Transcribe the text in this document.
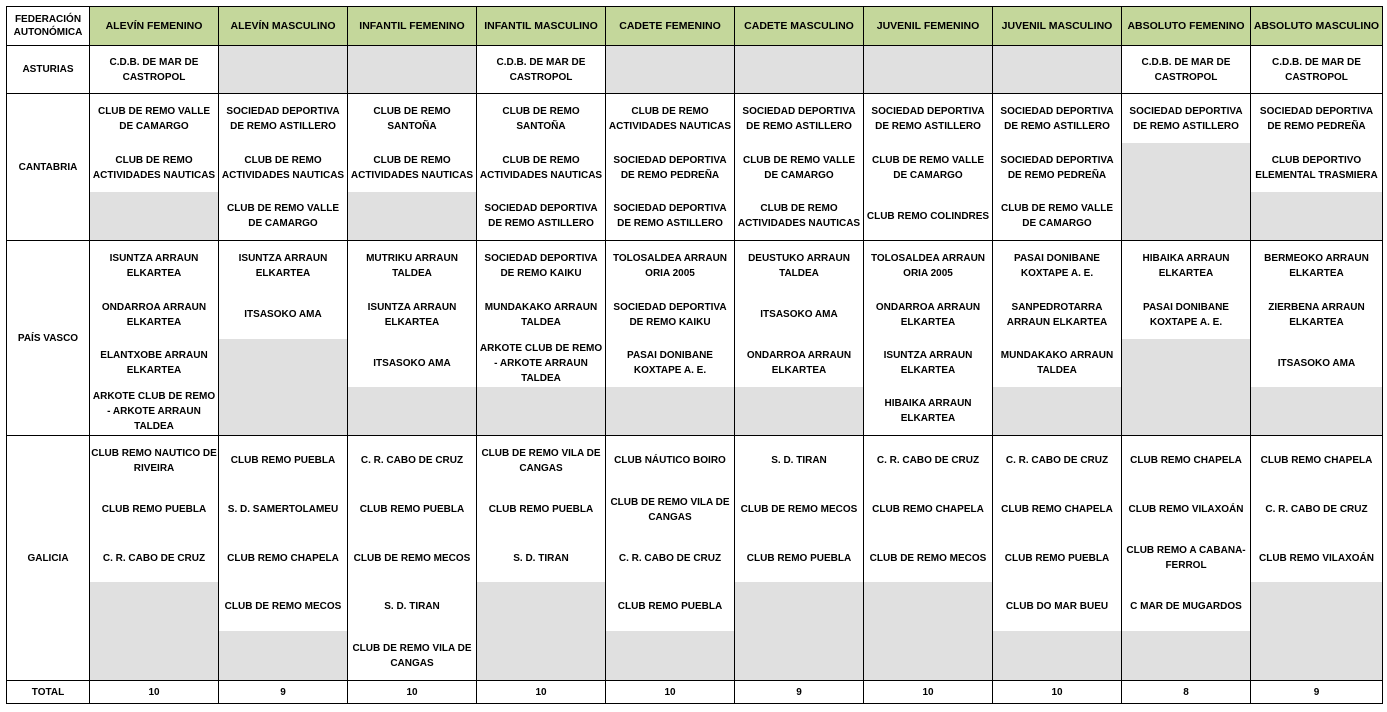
FEDERACIÓN AUTONÓMICA	ALEVÍN FEMENINO	ALEVÍN MASCULINO	INFANTIL FEMENINO	INFANTIL MASCULINO	CADETE FEMENINO	CADETE MASCULINO	JUVENIL FEMENINO	JUVENIL MASCULINO	ABSOLUTO FEMENINO	ABSOLUTO MASCULINO
ASTURIAS	C.D.B. DE MAR DE CASTROPOL			C.D.B. DE MAR DE CASTROPOL					C.D.B. DE MAR DE CASTROPOL	C.D.B. DE MAR DE CASTROPOL
CANTABRIA	CLUB DE REMO VALLE DE CAMARGO	SOCIEDAD DEPORTIVA DE REMO ASTILLERO	CLUB DE REMO SANTOÑA	CLUB DE REMO SANTOÑA	CLUB DE REMO ACTIVIDADES NAUTICAS	SOCIEDAD DEPORTIVA DE REMO ASTILLERO	SOCIEDAD DEPORTIVA DE REMO ASTILLERO	SOCIEDAD DEPORTIVA DE REMO ASTILLERO	SOCIEDAD DEPORTIVA DE REMO ASTILLERO	SOCIEDAD DEPORTIVA DE REMO PEDREÑA
	CLUB DE REMO ACTIVIDADES NAUTICAS	CLUB DE REMO ACTIVIDADES NAUTICAS	CLUB DE REMO ACTIVIDADES NAUTICAS	CLUB DE REMO ACTIVIDADES NAUTICAS	SOCIEDAD DEPORTIVA DE REMO PEDREÑA	CLUB DE REMO VALLE DE CAMARGO	CLUB DE REMO VALLE DE CAMARGO	SOCIEDAD DEPORTIVA DE REMO PEDREÑA		CLUB DEPORTIVO ELEMENTAL TRASMIERA
		CLUB DE REMO VALLE DE CAMARGO		SOCIEDAD DEPORTIVA DE REMO ASTILLERO	SOCIEDAD DEPORTIVA DE REMO ASTILLERO	CLUB DE REMO ACTIVIDADES NAUTICAS	CLUB REMO COLINDRES	CLUB DE REMO VALLE DE CAMARGO		
PAÍS VASCO	ISUNTZA ARRAUN ELKARTEA	ISUNTZA ARRAUN ELKARTEA	MUTRIKU ARRAUN TALDEA	SOCIEDAD DEPORTIVA DE REMO KAIKU	TOLOSALDEA ARRAUN ORIA 2005	DEUSTUKO ARRAUN TALDEA	TOLOSALDEA ARRAUN ORIA 2005	PASAI DONIBANE KOXTAPE A. E.	HIBAIKA ARRAUN ELKARTEA	BERMEOKO ARRAUN ELKARTEA
	ONDARROA ARRAUN ELKARTEA	ITSASOKO AMA	ISUNTZA ARRAUN ELKARTEA	MUNDAKAKO ARRAUN TALDEA	SOCIEDAD DEPORTIVA DE REMO KAIKU	ITSASOKO AMA	ONDARROA ARRAUN ELKARTEA	SANPEDROTARRA ARRAUN ELKARTEA	PASAI DONIBANE KOXTAPE A. E.	ZIERBENA ARRAUN ELKARTEA
	ELANTXOBE ARRAUN ELKARTEA		ITSASOKO AMA	ARKOTE CLUB DE REMO - ARKOTE ARRAUN TALDEA	PASAI DONIBANE KOXTAPE A. E.	ONDARROA ARRAUN ELKARTEA	ISUNTZA ARRAUN ELKARTEA	MUNDAKAKO ARRAUN TALDEA		ITSASOKO AMA
	ARKOTE CLUB DE REMO - ARKOTE ARRAUN TALDEA						HIBAIKA ARRAUN ELKARTEA			
GALICIA	CLUB REMO NAUTICO DE RIVEIRA	CLUB REMO PUEBLA	C. R. CABO DE CRUZ	CLUB DE REMO VILA DE CANGAS	CLUB NÁUTICO BOIRO	S. D. TIRAN	C. R. CABO DE CRUZ	C. R. CABO DE CRUZ	CLUB REMO CHAPELA	CLUB REMO CHAPELA
	CLUB REMO PUEBLA	S. D. SAMERTOLAMEU	CLUB REMO PUEBLA	CLUB REMO PUEBLA	CLUB DE REMO VILA DE CANGAS	CLUB DE REMO MECOS	CLUB REMO CHAPELA	CLUB REMO CHAPELA	CLUB REMO VILAXOÁN	C. R. CABO DE CRUZ
	C. R. CABO DE CRUZ	CLUB REMO CHAPELA	CLUB DE REMO MECOS	S. D. TIRAN	C. R. CABO DE CRUZ	CLUB REMO PUEBLA	CLUB DE REMO MECOS	CLUB REMO PUEBLA	CLUB REMO A CABANA-FERROL	CLUB REMO VILAXOÁN
		CLUB DE REMO MECOS	S. D. TIRAN		CLUB REMO PUEBLA			CLUB DO MAR BUEU	C MAR DE MUGARDOS	
			CLUB DE REMO VILA DE CANGAS							
TOTAL	10	9	10	10	10	9	10	10	8	9
